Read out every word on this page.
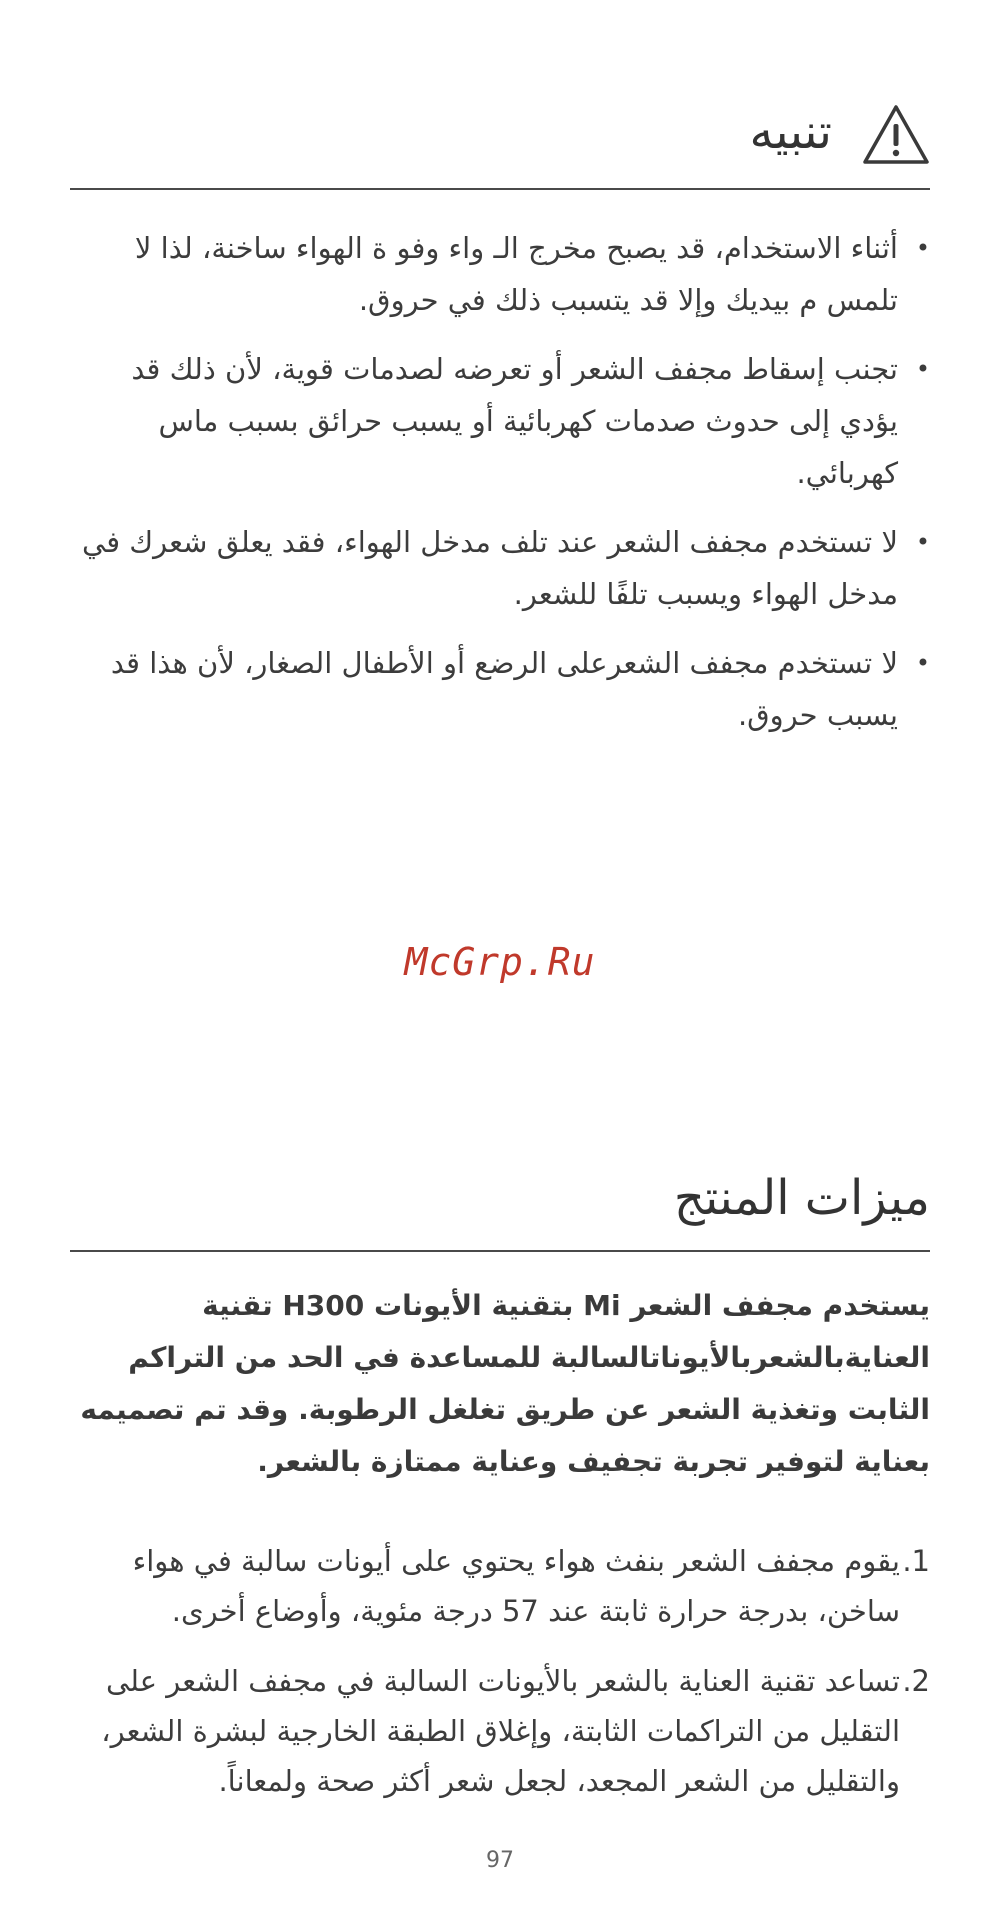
تنبيه
•
أثناء الاستخدام، قد يصبح مخرج الـ واء وفو ة الهواء ساخنة، لذا لا تلمس م بيديك وإلا قد يتسبب ذلك في حروق.
•
تجنب إسقاط مجفف الشعر أو تعرضه لصدمات قوية، لأن ذلك قد يؤدي إلى حدوث صدمات كهربائية أو يسبب حرائق بسبب ماس كهربائي.
•
لا تستخدم مجفف الشعر عند تلف مدخل الهواء، فقد يعلق شعرك في مدخل الهواء ويسبب تلفًا للشعر.
•
لا تستخدم مجفف الشعرعلى الرضع أو الأطفال الصغار، لأن هذا قد يسبب حروق.
McGrp.Ru
ميزات المنتج

يستخدم مجفف الشعر Mi بتقنية الأيونات H300 تقنية العنايةبالشعربالأيوناتالسالبة للمساعدة في الحد من التراكم الثابت وتغذية الشعر عن طريق تغلغل الرطوبة. وقد تم تصميمه بعناية لتوفير تجربة تجفيف وعناية ممتازة بالشعر.

1.
يقوم مجفف الشعر بنفث هواء يحتوي على أيونات سالبة في هواء ساخن، بدرجة حرارة ثابتة عند 57 درجة مئوية، وأوضاع أخرى.
2.
تساعد تقنية العناية بالشعر بالأيونات السالبة في مجفف الشعر على التقليل من التراكمات الثابتة، وإغلاق الطبقة الخارجية لبشرة الشعر، والتقليل من الشعر المجعد، لجعل شعر أكثر صحة ولمعاناً.
97
